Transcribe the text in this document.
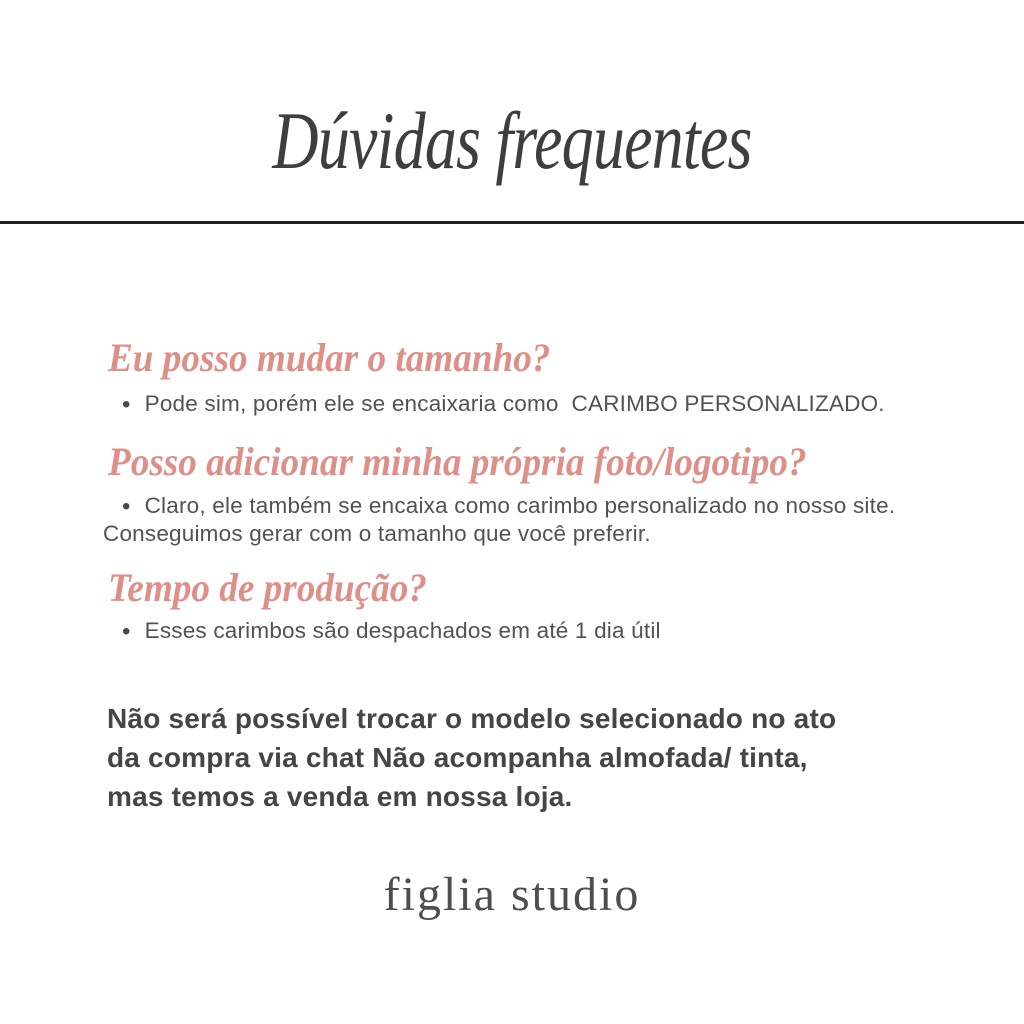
Dúvidas frequentes
Eu posso mudar o tamanho?
• Pode sim, porém ele se encaixaria como  CARIMBO PERSONALIZADO.
Posso adicionar minha própria foto/logotipo?
• Claro, ele também se encaixa como carimbo personalizado no nosso site.
Conseguimos gerar com o tamanho que você preferir.
Tempo de produção?
• Esses carimbos são despachados em até 1 dia útil
Não será possível trocar o modelo selecionado no ato
da compra via chat Não acompanha almofada/ tinta,
mas temos a venda em nossa loja.
figlia studio
